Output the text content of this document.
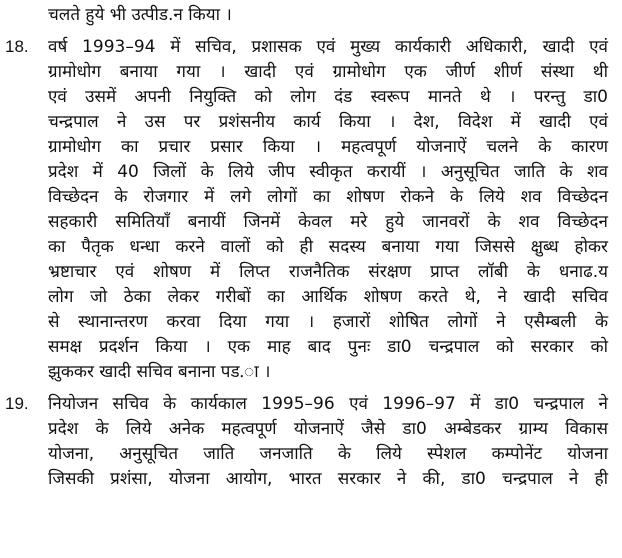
चलते हुये भी उत्पीड.न किया ।
18. वर्ष 1993–94 में सचिव, प्रशासक एवं मुख्य कार्यकारी अधिकारी, खादी एवं
ग्रामोधोग बनाया गया । खादी एवं ग्रामोधोग एक जीर्ण शीर्ण संस्था थी
एवं उसमें अपनी नियुक्ति को लोग दंड स्वरूप मानते थे । परन्तु डा0
चन्द्रपाल ने उस पर प्रशंसनीय कार्य किया । देश, विदेश में खादी एवं
ग्रामोधोग का प्रचार प्रसार किया । महत्वपूर्ण योजनाऐं चलने के कारण
प्रदेश में 40 जिलों के लिये जीप स्वीकृत करायीं । अनुसूचित जाति के शव
विच्छेदन के रोजगार में लगे लोगों का शोषण रोकने के लिये शव विच्छेदन
सहकारी समितियाँ बनायीं जिनमें केवल मरे हुये जानवरों के शव विच्छेदन
का पैतृक धन्धा करने वालों को ही सदस्य बनाया गया जिससे क्षुब्ध होकर
भ्रष्टाचार एवं शोषण में लिप्त राजनैतिक संरक्षण प्राप्त लॉबी के धनाढ.य
लोग जो ठेका लेकर गरीबों का आर्थिक शोषण करते थे, ने खादी सचिव
से स्थानान्तरण करवा दिया गया । हजारों शोषित लोगों ने एसैम्बली के
समक्ष प्रदर्शन किया । एक माह बाद पुनः डा0 चन्द्रपाल को सरकार को
झुककर खादी सचिव बनाना पड.ा ।
19. नियोजन सचिव के कार्यकाल 1995–96 एवं 1996–97 में डा0 चन्द्रपाल ने
प्रदेश के लिये अनेक महत्वपूर्ण योजनाऐं जैसे डा0 अम्बेडकर ग्राम्य विकास
योजना, अनुसूचित जाति जनजाति के लिये स्पेशल कम्पोनेंट योजना
जिसकी प्रशंसा, योजना आयोग, भारत सरकार ने की, डा0 चन्द्रपाल ने ही
